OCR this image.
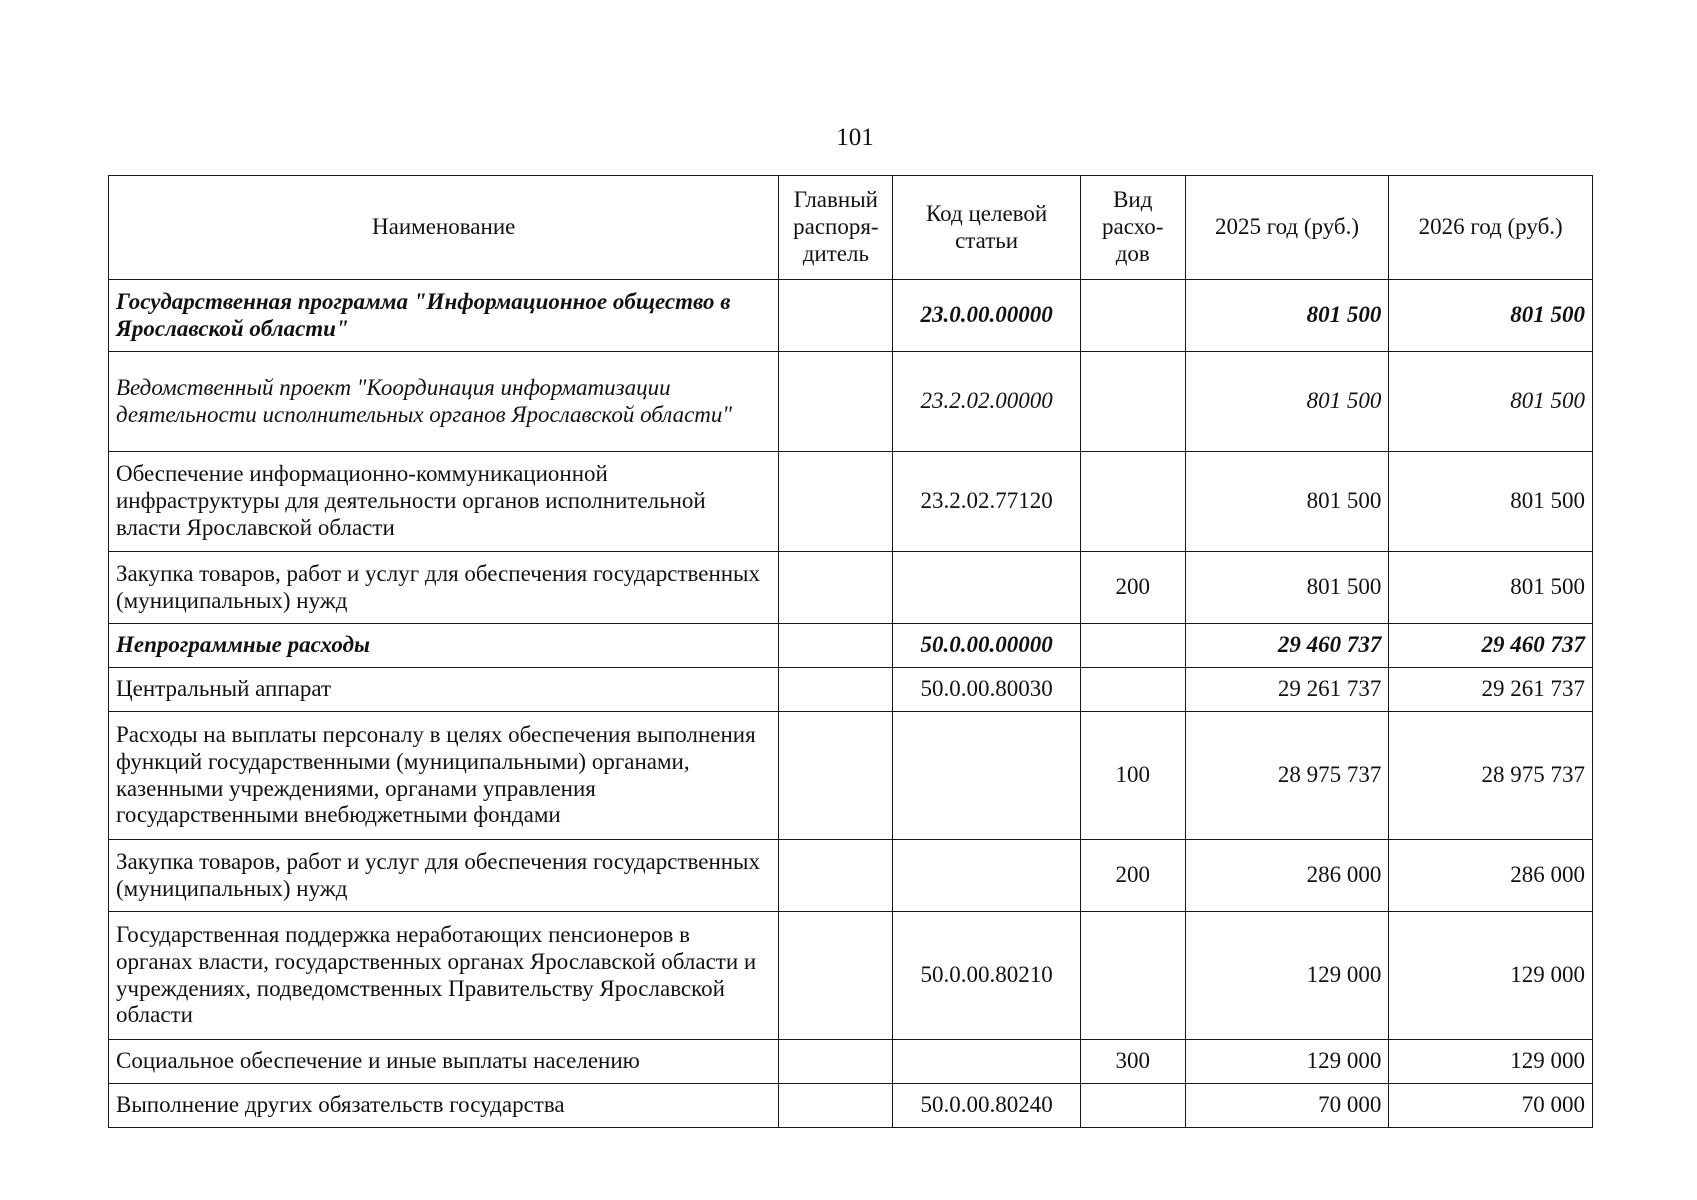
101
Наименование	Главный распоря-дитель	Код целевой статьи	Вид расхо-дов	2025 год (руб.)	2026 год (руб.)
Государственная программа "Информационное общество в Ярославской области"		23.0.00.00000		801 500	801 500
Ведомственный проект "Координация информатизации деятельности исполнительных органов Ярославской области"		23.2.02.00000		801 500	801 500
Обеспечение информационно-коммуникационной инфраструктуры для деятельности органов исполнительной власти Ярославской области		23.2.02.77120		801 500	801 500
Закупка товаров, работ и услуг для обеспечения государственных (муниципальных) нужд			200	801 500	801 500
Непрограммные расходы		50.0.00.00000		29 460 737	29 460 737
Центральный аппарат		50.0.00.80030		29 261 737	29 261 737
Расходы на выплаты персоналу в целях обеспечения выполнения функций государственными (муниципальными) органами, казенными учреждениями, органами управления государственными внебюджетными фондами			100	28 975 737	28 975 737
Закупка товаров, работ и услуг для обеспечения государственных (муниципальных) нужд			200	286 000	286 000
Государственная поддержка неработающих пенсионеров в органах власти, государственных органах Ярославской области и учреждениях, подведомственных Правительству Ярославской области		50.0.00.80210		129 000	129 000
Социальное обеспечение и иные выплаты населению			300	129 000	129 000
Выполнение других обязательств государства		50.0.00.80240		70 000	70 000
